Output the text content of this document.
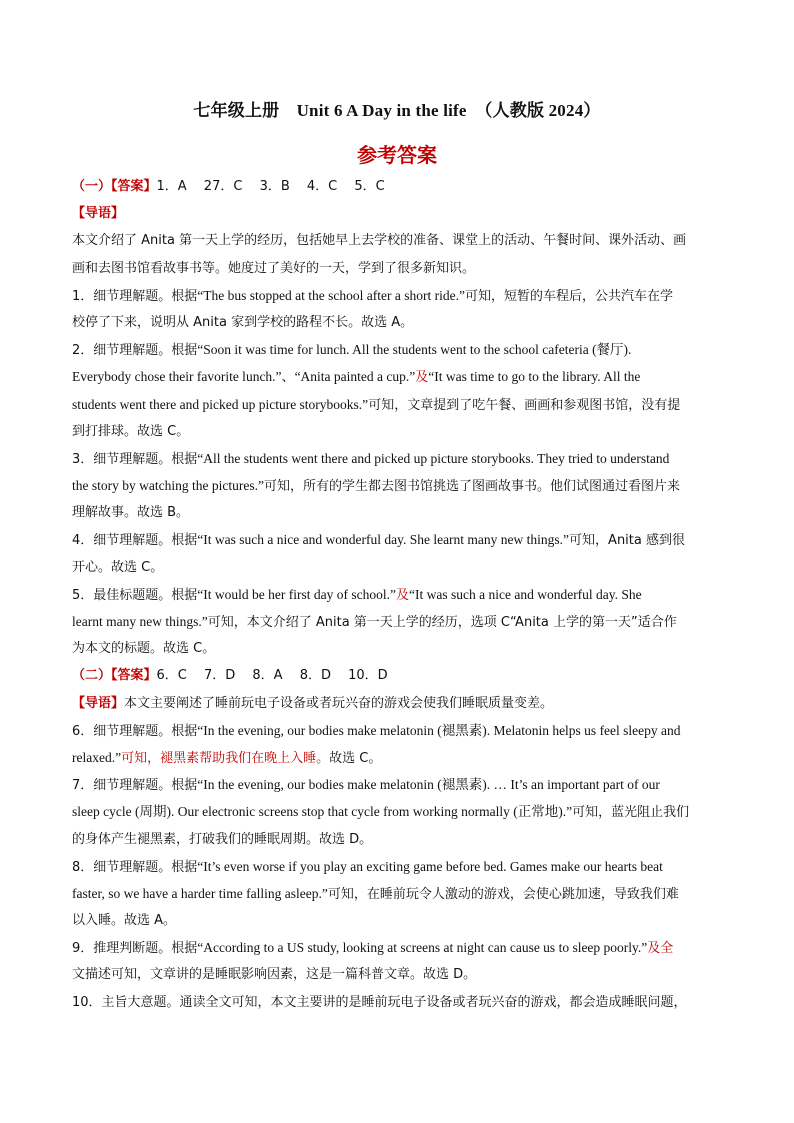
七年级上册　Unit 6 A Day in the life　（人教版 2024）
参考答案
（一）【答案】1．A　 27．C　 3．B　 4．C　 5．C
【导语】
本文介绍了 Anita 第一天上学的经历，包括她早上去学校的准备、课堂上的活动、午餐时间、课外活动、画
画和去图书馆看故事书等。她度过了美好的一天，学到了很多新知识。
1．细节理解题。根据“The bus stopped at the school after a short ride.”可知，短暂的车程后，公共汽车在学
校停了下来，说明从 Anita 家到学校的路程不长。故选 A。
2．细节理解题。根据“Soon it was time for lunch. All the students went to the school cafeteria (餐厅).
Everybody chose their favorite lunch.”、“Anita painted a cup.”及“It was time to go to the library. All the
students went there and picked up picture storybooks.”可知，文章提到了吃午餐、画画和参观图书馆，没有提
到打排球。故选 C。
3．细节理解题。根据“All the students went there and picked up picture storybooks. They tried to understand
the story by watching the pictures.”可知，所有的学生都去图书馆挑选了图画故事书。他们试图通过看图片来
理解故事。故选 B。
4．细节理解题。根据“It was such a nice and wonderful day. She learnt many new things.”可知，Anita 感到很
开心。故选 C。
5．最佳标题题。根据“It would be her first day of school.”及“It was such a nice and wonderful day. She
learnt many new things.”可知，本文介绍了 Anita 第一天上学的经历，选项 C“Anita 上学的第一天”适合作
为本文的标题。故选 C。
（二）【答案】6．C　 7．D　 8．A　 8．D　 10．D
【导语】本文主要阐述了睡前玩电子设备或者玩兴奋的游戏会使我们睡眠质量变差。
6．细节理解题。根据“In the evening, our bodies make melatonin (褪黑素). Melatonin helps us feel sleepy and
relaxed.”可知，褪黑素帮助我们在晚上入睡。故选 C。
7．细节理解题。根据“In the evening, our bodies make melatonin (褪黑素). … It’s an important part of our
sleep cycle (周期). Our electronic screens stop that cycle from working normally (正常地).”可知，蓝光阻止我们
的身体产生褪黑素，打破我们的睡眠周期。故选 D。
8．细节理解题。根据“It’s even worse if you play an exciting game before bed. Games make our hearts beat
faster, so we have a harder time falling asleep.”可知，在睡前玩令人激动的游戏，会使心跳加速，导致我们难
以入睡。故选 A。
9．推理判断题。根据“According to a US study, looking at screens at night can cause us to sleep poorly.”及全
文描述可知，文章讲的是睡眠影响因素，这是一篇科普文章。故选 D。
10．主旨大意题。通读全文可知，本文主要讲的是睡前玩电子设备或者玩兴奋的游戏，都会造成睡眠问题，
